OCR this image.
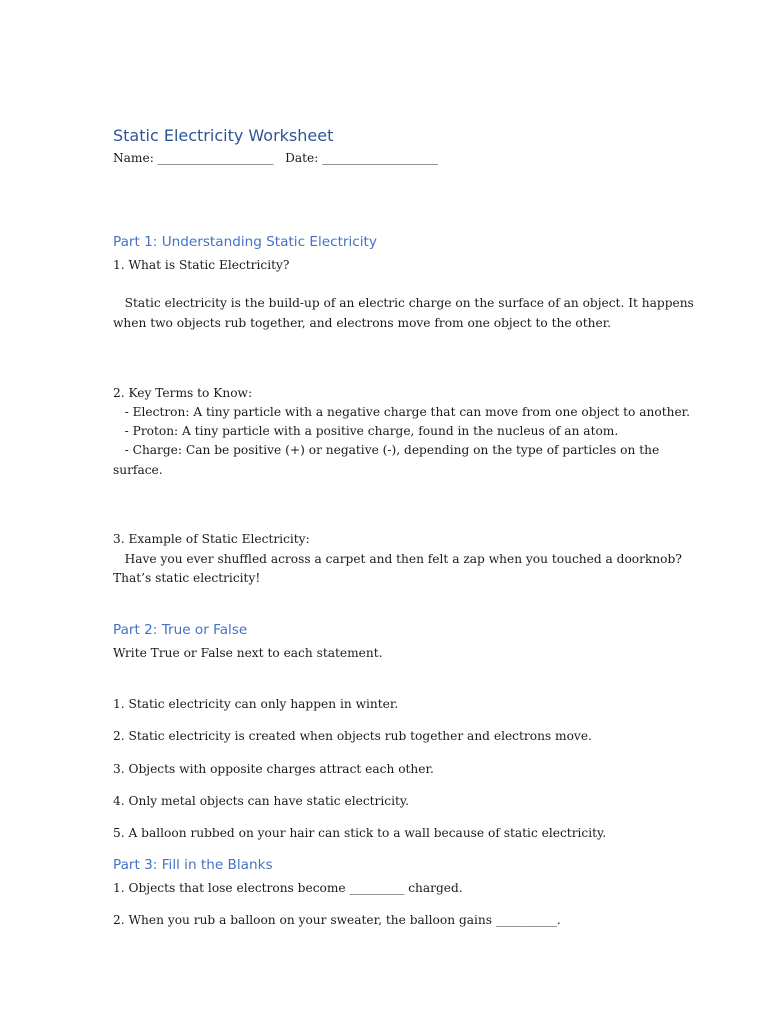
Static Electricity Worksheet
Name: ___________________   Date: ___________________
Part 1: Understanding Static Electricity
1. What is Static Electricity?
Static electricity is the build-up of an electric charge on the surface of an object. It happens
when two objects rub together, and electrons move from one object to the other.
2. Key Terms to Know:
- Electron: A tiny particle with a negative charge that can move from one object to another.
- Proton: A tiny particle with a positive charge, found in the nucleus of an atom.
- Charge: Can be positive (+) or negative (-), depending on the type of particles on the
surface.
3. Example of Static Electricity:
Have you ever shuffled across a carpet and then felt a zap when you touched a doorknob?
That’s static electricity!
Part 2: True or False
Write True or False next to each statement.
1. Static electricity can only happen in winter.
2. Static electricity is created when objects rub together and electrons move.
3. Objects with opposite charges attract each other.
4. Only metal objects can have static electricity.
5. A balloon rubbed on your hair can stick to a wall because of static electricity.
Part 3: Fill in the Blanks
1. Objects that lose electrons become _________ charged.
2. When you rub a balloon on your sweater, the balloon gains __________.
